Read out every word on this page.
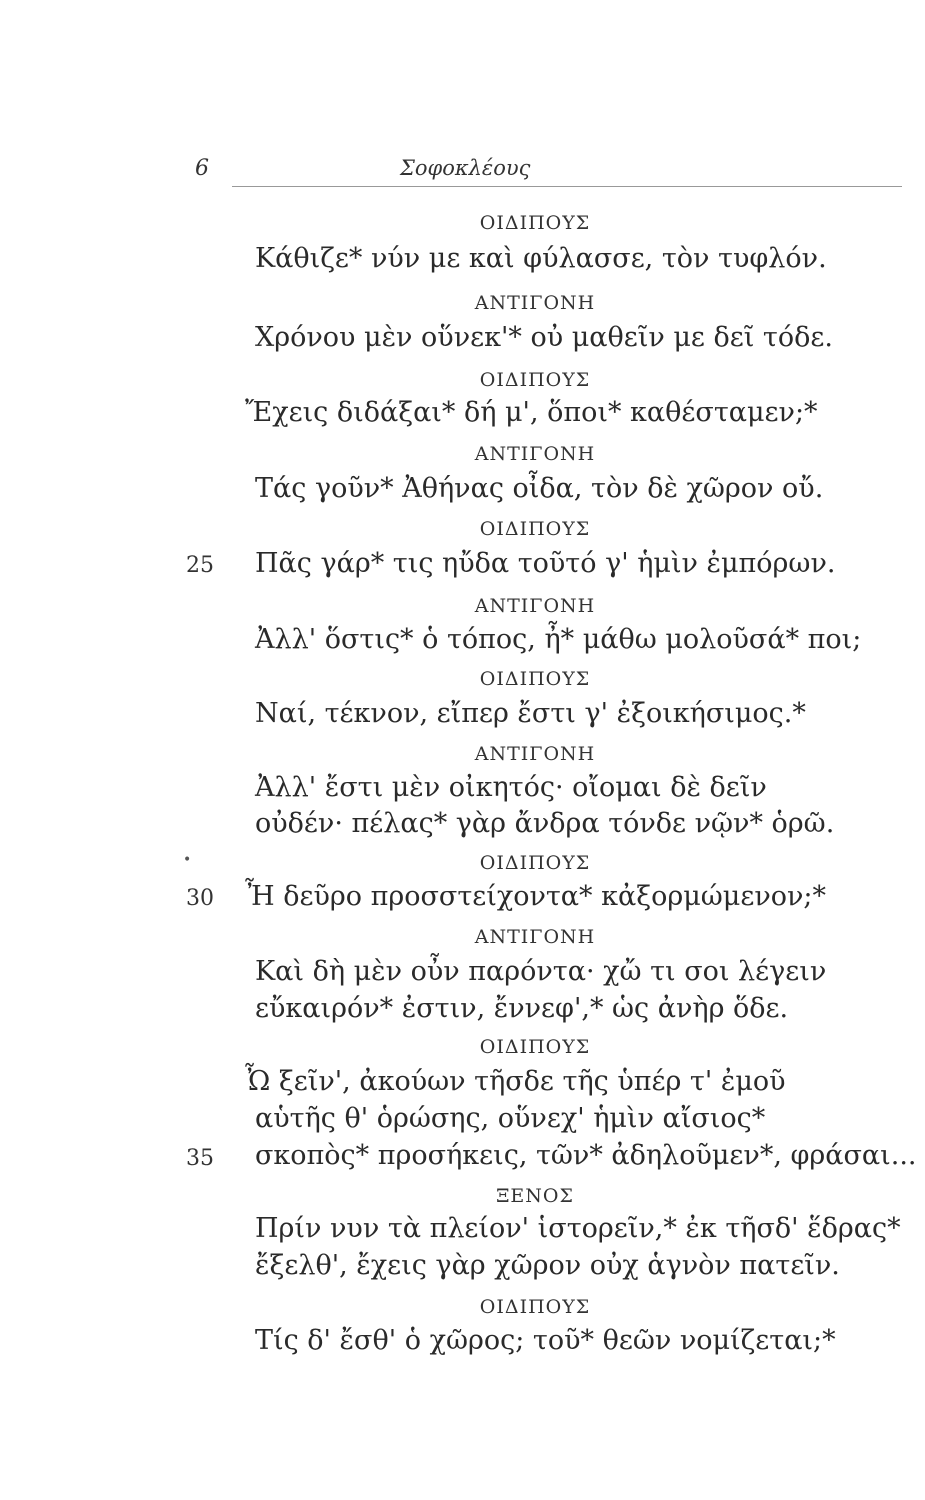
6	Σοφοκλέους
ΟΙΔΙΠΟΥΣ
Κάθιζε* νύν με καὶ φύλασσε, τὸν τυφλόν.
ΑΝΤΙΓΟΝΗ
Χρόνου μὲν οὕνεκ'* οὐ μαθεῖν με δεῖ τόδε.
ΟΙΔΙΠΟΥΣ
Ἔχεις διδάξαι* δή μ', ὅποι* καθέσταμεν;*
ΑΝΤΙΓΟΝΗ
Τάς γοῦν* Ἀθήνας οἶδα, τὸν δὲ χῶρον οὔ.
ΟΙΔΙΠΟΥΣ
25	Πᾶς γάρ* τις ηὔδα τοῦτό γ' ἡμὶν ἐμπόρων.
ΑΝΤΙΓΟΝΗ
Ἀλλ' ὅστις* ὁ τόπος, ἦ* μάθω μολοῦσά* ποι;
ΟΙΔΙΠΟΥΣ
Ναί, τέκνον, εἴπερ ἔστι γ' ἐξοικήσιμος.*
ΑΝΤΙΓΟΝΗ
Ἀλλ' ἔστι μὲν οἰκητός· οἴομαι δὲ δεῖν
οὐδέν· πέλας* γὰρ ἄνδρα τόνδε νῷν* ὁρῶ.
•	ΟΙΔΙΠΟΥΣ
30	Ἦ δεῦρο προσστείχοντα* κἀξορμώμενον;*
ΑΝΤΙΓΟΝΗ
Καὶ δὴ μὲν οὖν παρόντα· χὤ τι σοι λέγειν
εὔκαιρόν* ἐστιν, ἔννεφ',* ὡς ἀνὴρ ὅδε.
ΟΙΔΙΠΟΥΣ
Ὦ ξεῖν', ἀκούων τῆσδε τῆς ὑπέρ τ' ἐμοῦ
αὑτῆς θ' ὁρώσης, οὕνεχ' ἡμὶν αἴσιος*
35	σκοπὸς* προσήκεις, τῶν* ἀδηλοῦμεν*, φράσαι...
ΞΕΝΟΣ
Πρίν νυν τὰ πλείον' ἱστορεῖν,* ἐκ τῆσδ' ἕδρας*
ἔξελθ', ἔχεις γὰρ χῶρον οὐχ ἁγνὸν πατεῖν.
ΟΙΔΙΠΟΥΣ
Τίς δ' ἔσθ' ὁ χῶρος; τοῦ* θεῶν νομίζεται;*
